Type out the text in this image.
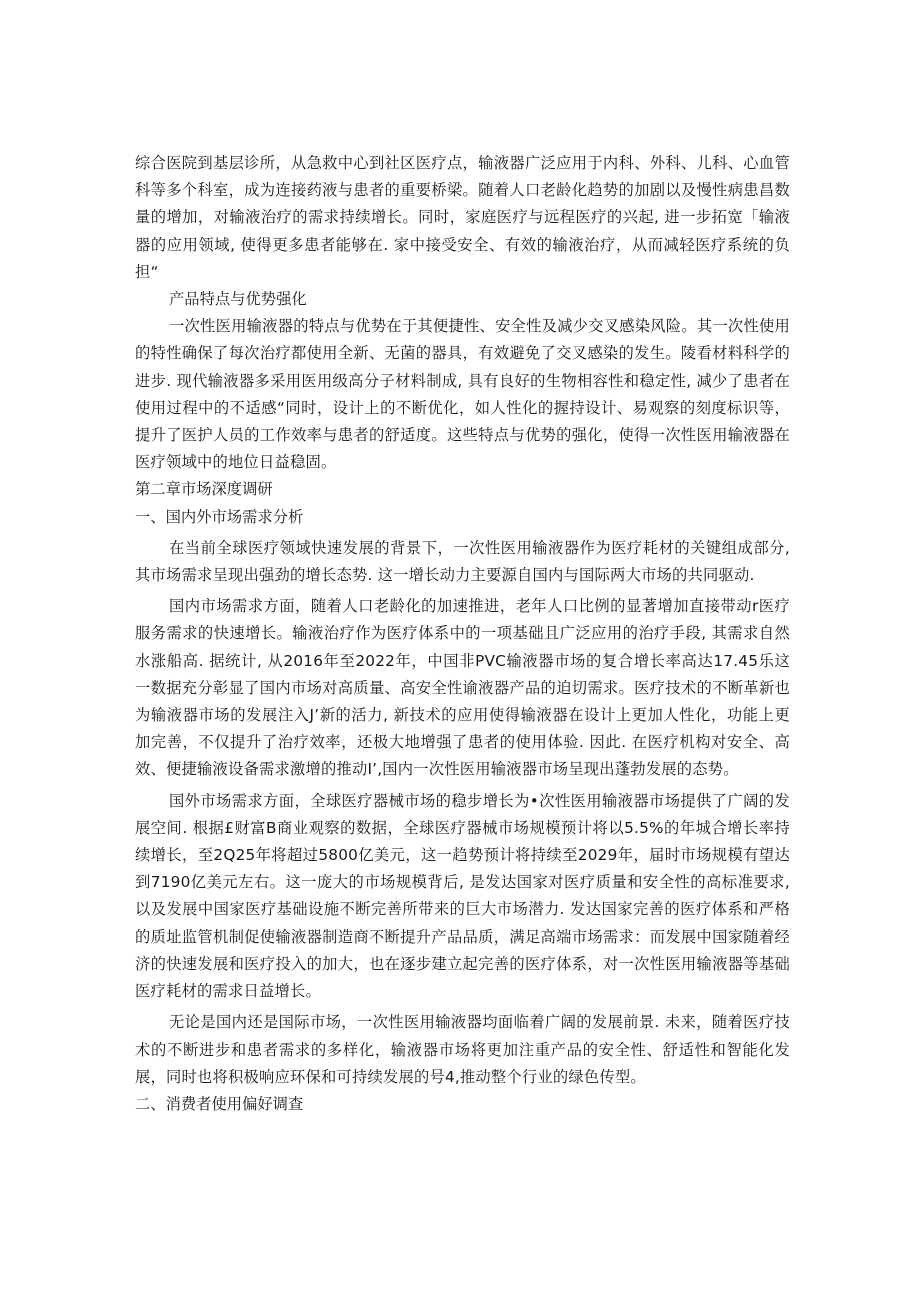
综合医院到基层诊所，从急救中心到社区医疗点，输液器广泛应用于内科、外科、儿科、心血管科等多个科室，成为连接药液与患者的重要桥梁。随着人口老龄化趋势的加剧以及慢性病患昌数量的增加，对输液治疗的需求持续增长。同时，家庭医疗与远程医疗的兴起, 进一步拓宽「输液器的应用领域, 使得更多患者能够在. 家中接受安全、有效的输液治疗，从而减轻医疗系统的负担“

产品特点与优势强化

一次性医用输液器的特点与优势在于其便捷性、安全性及减少交叉感染风险。其一次性使用的特性确保了每次治疗都使用全新、无菌的器具，有效避免了交叉感染的发生。陵看材料科学的进步. 现代输液器多采用医用级高分子材料制成, 具有良好的生物相容性和稳定性, 减少了患者在使用过程中的不适感“同时，设计上的不断优化，如人性化的握持设计、易观察的刻度标识等，提升了医护人员的工作效率与患者的舒适度。这些特点与优势的强化，使得一次性医用输液器在医疗领域中的地位日益稳固。

第二章市场深度调研

一、国内外市场需求分析

在当前全球医疗领域快速发展的背景下，一次性医用输液器作为医疗耗材的关键组成部分, 其市场需求呈现出强劲的增长态势. 这一增长动力主要源自国内与国际两大市场的共同驱动.

国内市场需求方面，随着人口老龄化的加速推进，老年人口比例的显著增加直接带动r医疗服务需求的快速增长。输液治疗作为医疗体系中的一项基础且广泛应用的治疗手段, 其需求自然水涨船高. 据统计, 从2016年至2022年，中国非PVC输液器市场的复合增长率高达17.45乐这一数据充分彰显了国内市场对高质量、高安全性谕液器产品的迫切需求。医疗技术的不断革新也为输液器市场的发展注入J’新的活力, 新技术的应用使得输液器在设计上更加人性化，功能上更加完善，不仅提升了治疗效率，还极大地增强了患者的使用体验. 因此. 在医疗机构对安全、高效、便捷输液设备需求激增的推动I’,国内一次性医用输液器市场呈现出蓬勃发展的态势。

国外市场需求方面，全球医疗器械市场的稳步增长为•次性医用输液器市场提供了广阔的发展空间. 根据£财富B商业观察的数据，全球医疗器械市场规模预计将以5.5%的年城合增长率持续增长，至2Q25年将超过5800亿美元，这一趋势预计将持续至2029年，届时市场规模有望达到7190亿美元左右。这一庞大的市场规模背后, 是发达国家对医疗质量和安全性的高标准要求, 以及发展中国家医疗基础设施不断完善所带来的巨大市场潜力. 发达国家完善的医疗体系和严格的质址监管机制促使输液器制造商不断提升产品品质，满足高端市场需求：而发展中国家随着经济的快速发展和医疗投入的加大，也在逐步建立起完善的医疗体系，对一次性医用输液器等基础医疗耗材的需求日益增长。

无论是国内还是国际市场，一次性医用输液器均面临着广阔的发展前景. 未来，随着医疗技术的不断进步和患者需求的多样化，输液器市场将更加注重产品的安全性、舒适性和智能化发展，同时也将积极响应环保和可持续发展的号4,推动整个行业的绿色传型。

二、消费者使用偏好调查
